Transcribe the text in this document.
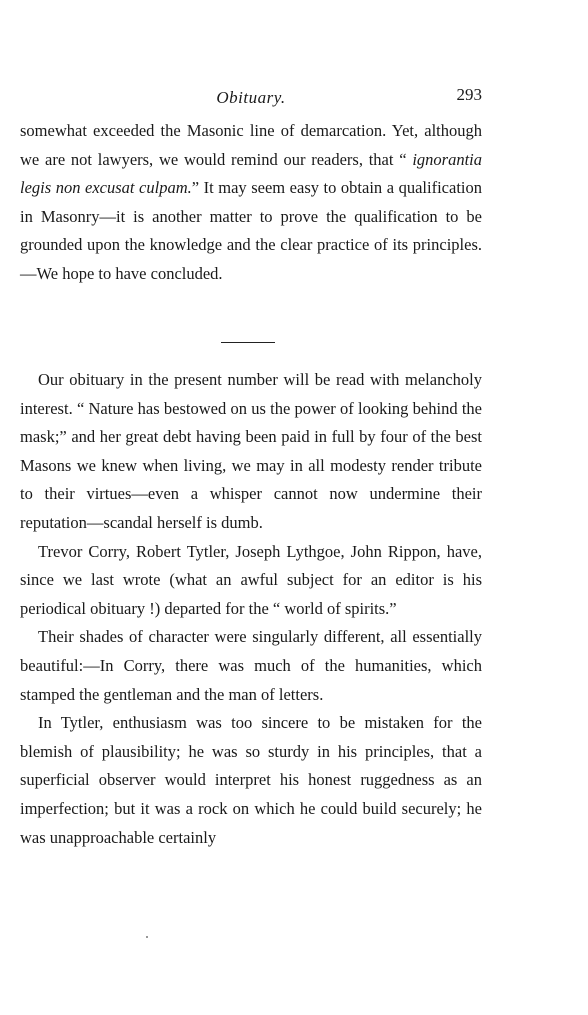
Obituary.	293

somewhat exceeded the Masonic line of demarcation. Yet, although we are not lawyers, we would remind our readers, that “ ignorantia legis non excusat culpam.” It may seem easy to obtain a qualification in Masonry—it is another matter to prove the qualification to be grounded upon the knowledge and the clear practice of its principles.—We hope to have concluded.

Our obituary in the present number will be read with melancholy interest. “ Nature has bestowed on us the power of looking behind the mask;” and her great debt having been paid in full by four of the best Masons we knew when living, we may in all modesty render tribute to their virtues—even a whisper cannot now undermine their reputation—scandal herself is dumb.

Trevor Corry, Robert Tytler, Joseph Lythgoe, John Rippon, have, since we last wrote (what an awful subject for an editor is his periodical obituary !) departed for the “ world of spirits.”

Their shades of character were singularly different, all essentially beautiful:—In Corry, there was much of the humanities, which stamped the gentleman and the man of letters.

In Tytler, enthusiasm was too sincere to be mistaken for the blemish of plausibility; he was so sturdy in his principles, that a superficial observer would interpret his honest ruggedness as an imperfection; but it was a rock on which he could build securely; he was unapproachable certainly
